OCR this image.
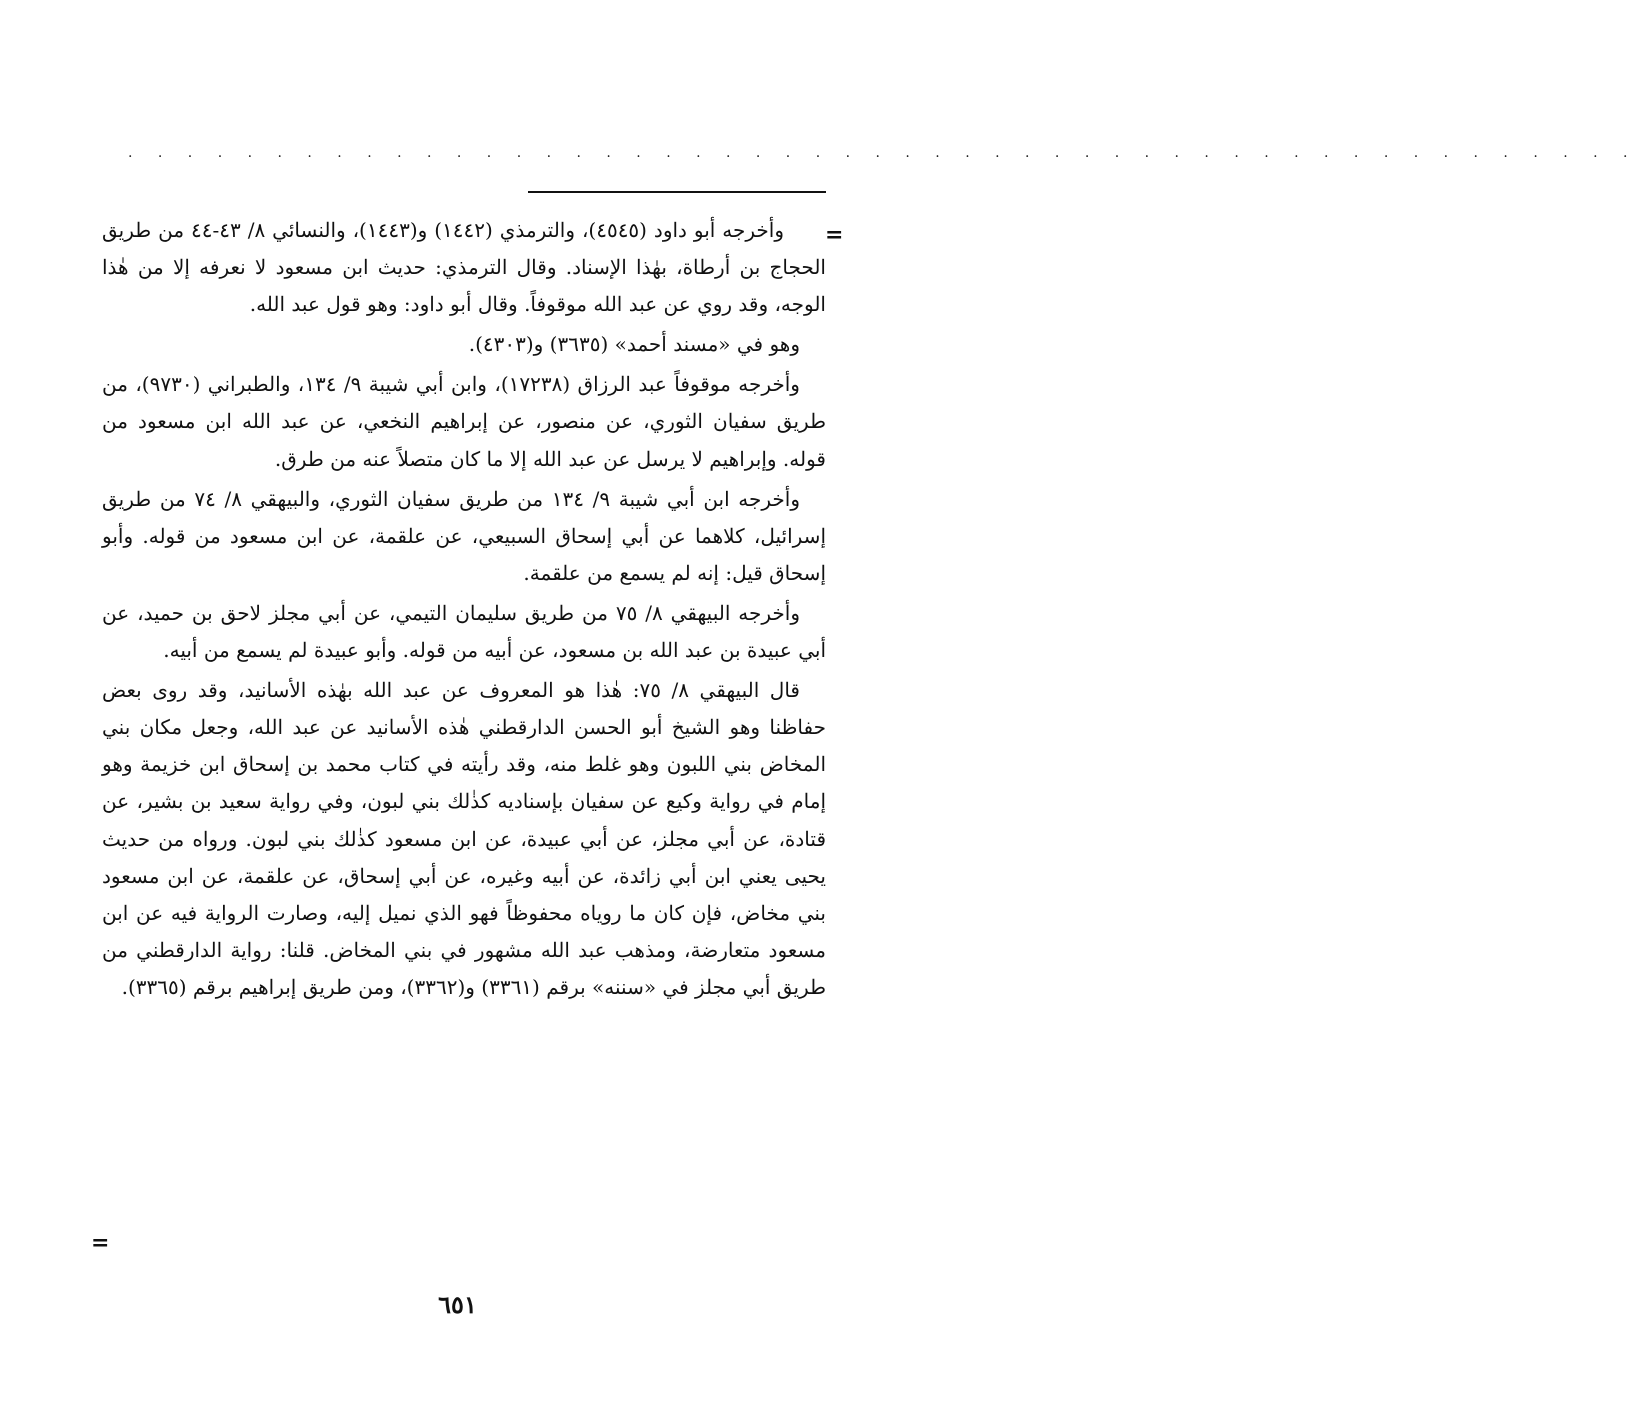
. . . . . . . . . . . . . . . . . . . . . . . . . . . . . . . . . . . . . . . . . . . . . . . . . . .
=

وأخرجه أبو داود (٤٥٤٥)، والترمذي (١٤٤٢) و(١٤٤٣)، والنسائي ٨/ ٤٣-٤٤ من طريق الحجاج بن أرطاة، بهٰذا الإسناد. وقال الترمذي: حديث ابن مسعود لا نعرفه إلا من هٰذا الوجه، وقد روي عن عبد الله موقوفاً. وقال أبو داود: وهو قول عبد الله.

وهو في «مسند أحمد» (٣٦٣٥) و(٤٣٠٣).

وأخرجه موقوفاً عبد الرزاق (١٧٢٣٨)، وابن أبي شيبة ٩/ ١٣٤، والطبراني (٩٧٣٠)، من طريق سفيان الثوري، عن منصور، عن إبراهيم النخعي، عن عبد الله ابن مسعود من قوله. وإبراهيم لا يرسل عن عبد الله إلا ما كان متصلاً عنه من طرق.

وأخرجه ابن أبي شيبة ٩/ ١٣٤ من طريق سفيان الثوري، والبيهقي ٨/ ٧٤ من طريق إسرائيل، كلاهما عن أبي إسحاق السبيعي، عن علقمة، عن ابن مسعود من قوله. وأبو إسحاق قيل: إنه لم يسمع من علقمة.

وأخرجه البيهقي ٨/ ٧٥ من طريق سليمان التيمي، عن أبي مجلز لاحق بن حميد، عن أبي عبيدة بن عبد الله بن مسعود، عن أبيه من قوله. وأبو عبيدة لم يسمع من أبيه.

قال البيهقي ٨/ ٧٥: هٰذا هو المعروف عن عبد الله بهٰذه الأسانيد، وقد روى بعض حفاظنا وهو الشيخ أبو الحسن الدارقطني هٰذه الأسانيد عن عبد الله، وجعل مكان بني المخاض بني اللبون وهو غلط منه، وقد رأيته في كتاب محمد بن إسحاق ابن خزيمة وهو إمام في رواية وكيع عن سفيان بإسناديه كذٰلك بني لبون، وفي رواية سعيد بن بشير، عن قتادة، عن أبي مجلز، عن أبي عبيدة، عن ابن مسعود كذٰلك بني لبون. ورواه من حديث يحيى يعني ابن أبي زائدة، عن أبيه وغيره، عن أبي إسحاق، عن علقمة، عن ابن مسعود بني مخاض، فإن كان ما روياه محفوظاً فهو الذي نميل إليه، وصارت الرواية فيه عن ابن مسعود متعارضة، ومذهب عبد الله مشهور في بني المخاض. قلنا: رواية الدارقطني من طريق أبي مجلز في «سننه» برقم (٣٣٦١) و(٣٣٦٢)، ومن طريق إبراهيم برقم (٣٣٦٥).

=
٦٥١
